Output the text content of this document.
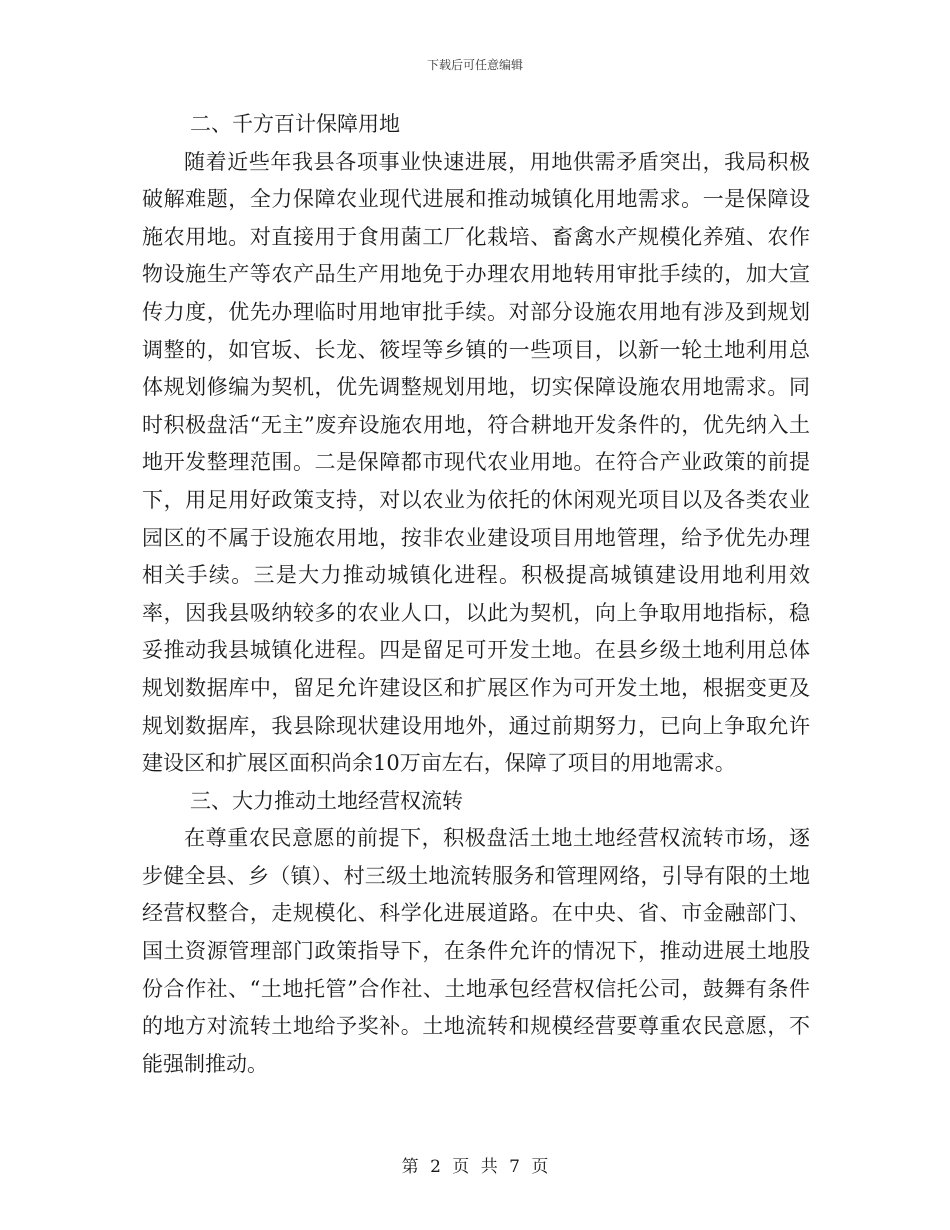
下载后可任意编辑

二、千方百计保障用地

随着近些年我县各项事业快速进展，用地供需矛盾突出，我局积极破解难题，全力保障农业现代进展和推动城镇化用地需求。一是保障设施农用地。对直接用于食用菌工厂化栽培、畜禽水产规模化养殖、农作物设施生产等农产品生产用地免于办理农用地转用审批手续的，加大宣传力度，优先办理临时用地审批手续。对部分设施农用地有涉及到规划调整的，如官坂、长龙、筱埕等乡镇的一些项目，以新一轮土地利用总体规划修编为契机，优先调整规划用地，切实保障设施农用地需求。同时积极盘活“无主”废弃设施农用地，符合耕地开发条件的，优先纳入土地开发整理范围。二是保障都市现代农业用地。在符合产业政策的前提下，用足用好政策支持，对以农业为依托的休闲观光项目以及各类农业园区的不属于设施农用地，按非农业建设项目用地管理，给予优先办理相关手续。三是大力推动城镇化进程。积极提高城镇建设用地利用效率，因我县吸纳较多的农业人口，以此为契机，向上争取用地指标，稳妥推动我县城镇化进程。四是留足可开发土地。在县乡级土地利用总体规划数据库中，留足允许建设区和扩展区作为可开发土地，根据变更及规划数据库，我县除现状建设用地外，通过前期努力，已向上争取允许建设区和扩展区面积尚余10万亩左右，保障了项目的用地需求。

三、大力推动土地经营权流转

在尊重农民意愿的前提下，积极盘活土地土地经营权流转市场，逐步健全县、乡（镇）、村三级土地流转服务和管理网络，引导有限的土地经营权整合，走规模化、科学化进展道路。在中央、省、市金融部门、国土资源管理部门政策指导下，在条件允许的情况下，推动进展土地股份合作社、“土地托管”合作社、土地承包经营权信托公司，鼓舞有条件的地方对流转土地给予奖补。土地流转和规模经营要尊重农民意愿，不能强制推动。

第 2 页 共 7 页
